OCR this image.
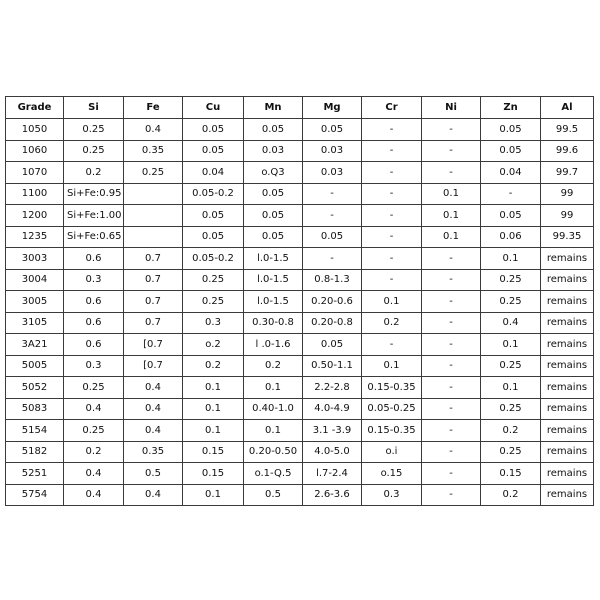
Grade	Si	Fe	Cu	Mn	Mg	Cr	Ni	Zn	Al
1050	0.25	0.4	0.05	0.05	0.05	-	-	0.05	99.5
1060	0.25	0.35	0.05	0.03	0.03	-	-	0.05	99.6
1070	0.2	0.25	0.04	o.Q3	0.03	-	-	0.04	99.7
1100	Si+Fe:0.95		0.05-0.2	0.05	-	-	0.1	-	99
1200	Si+Fe:1.00		0.05	0.05	-	-	0.1	0.05	99
1235	Si+Fe:0.65		0.05	0.05	0.05	-	0.1	0.06	99.35
3003	0.6	0.7	0.05-0.2	l.0-1.5	-	-	-	0.1	remains
3004	0.3	0.7	0.25	l.0-1.5	0.8-1.3	-	-	0.25	remains
3005	0.6	0.7	0.25	l.0-1.5	0.20-0.6	0.1	-	0.25	remains
3105	0.6	0.7	0.3	0.30-0.8	0.20-0.8	0.2	-	0.4	remains
3A21	0.6	[0.7	o.2	l .0-1.6	0.05	-	-	0.1	remains
5005	0.3	[0.7	0.2	0.2	0.50-1.1	0.1	-	0.25	remains
5052	0.25	0.4	0.1	0.1	2.2-2.8	0.15-0.35	-	0.1	remains
5083	0.4	0.4	0.1	0.40-1.0	4.0-4.9	0.05-0.25	-	0.25	remains
5154	0.25	0.4	0.1	0.1	3.1 -3.9	0.15-0.35	-	0.2	remains
5182	0.2	0.35	0.15	0.20-0.50	4.0-5.0	o.i	-	0.25	remains
5251	0.4	0.5	0.15	o.1-Q.5	l.7-2.4	o.15	-	0.15	remains
5754	0.4	0.4	0.1	0.5	2.6-3.6	0.3	-	0.2	remains
